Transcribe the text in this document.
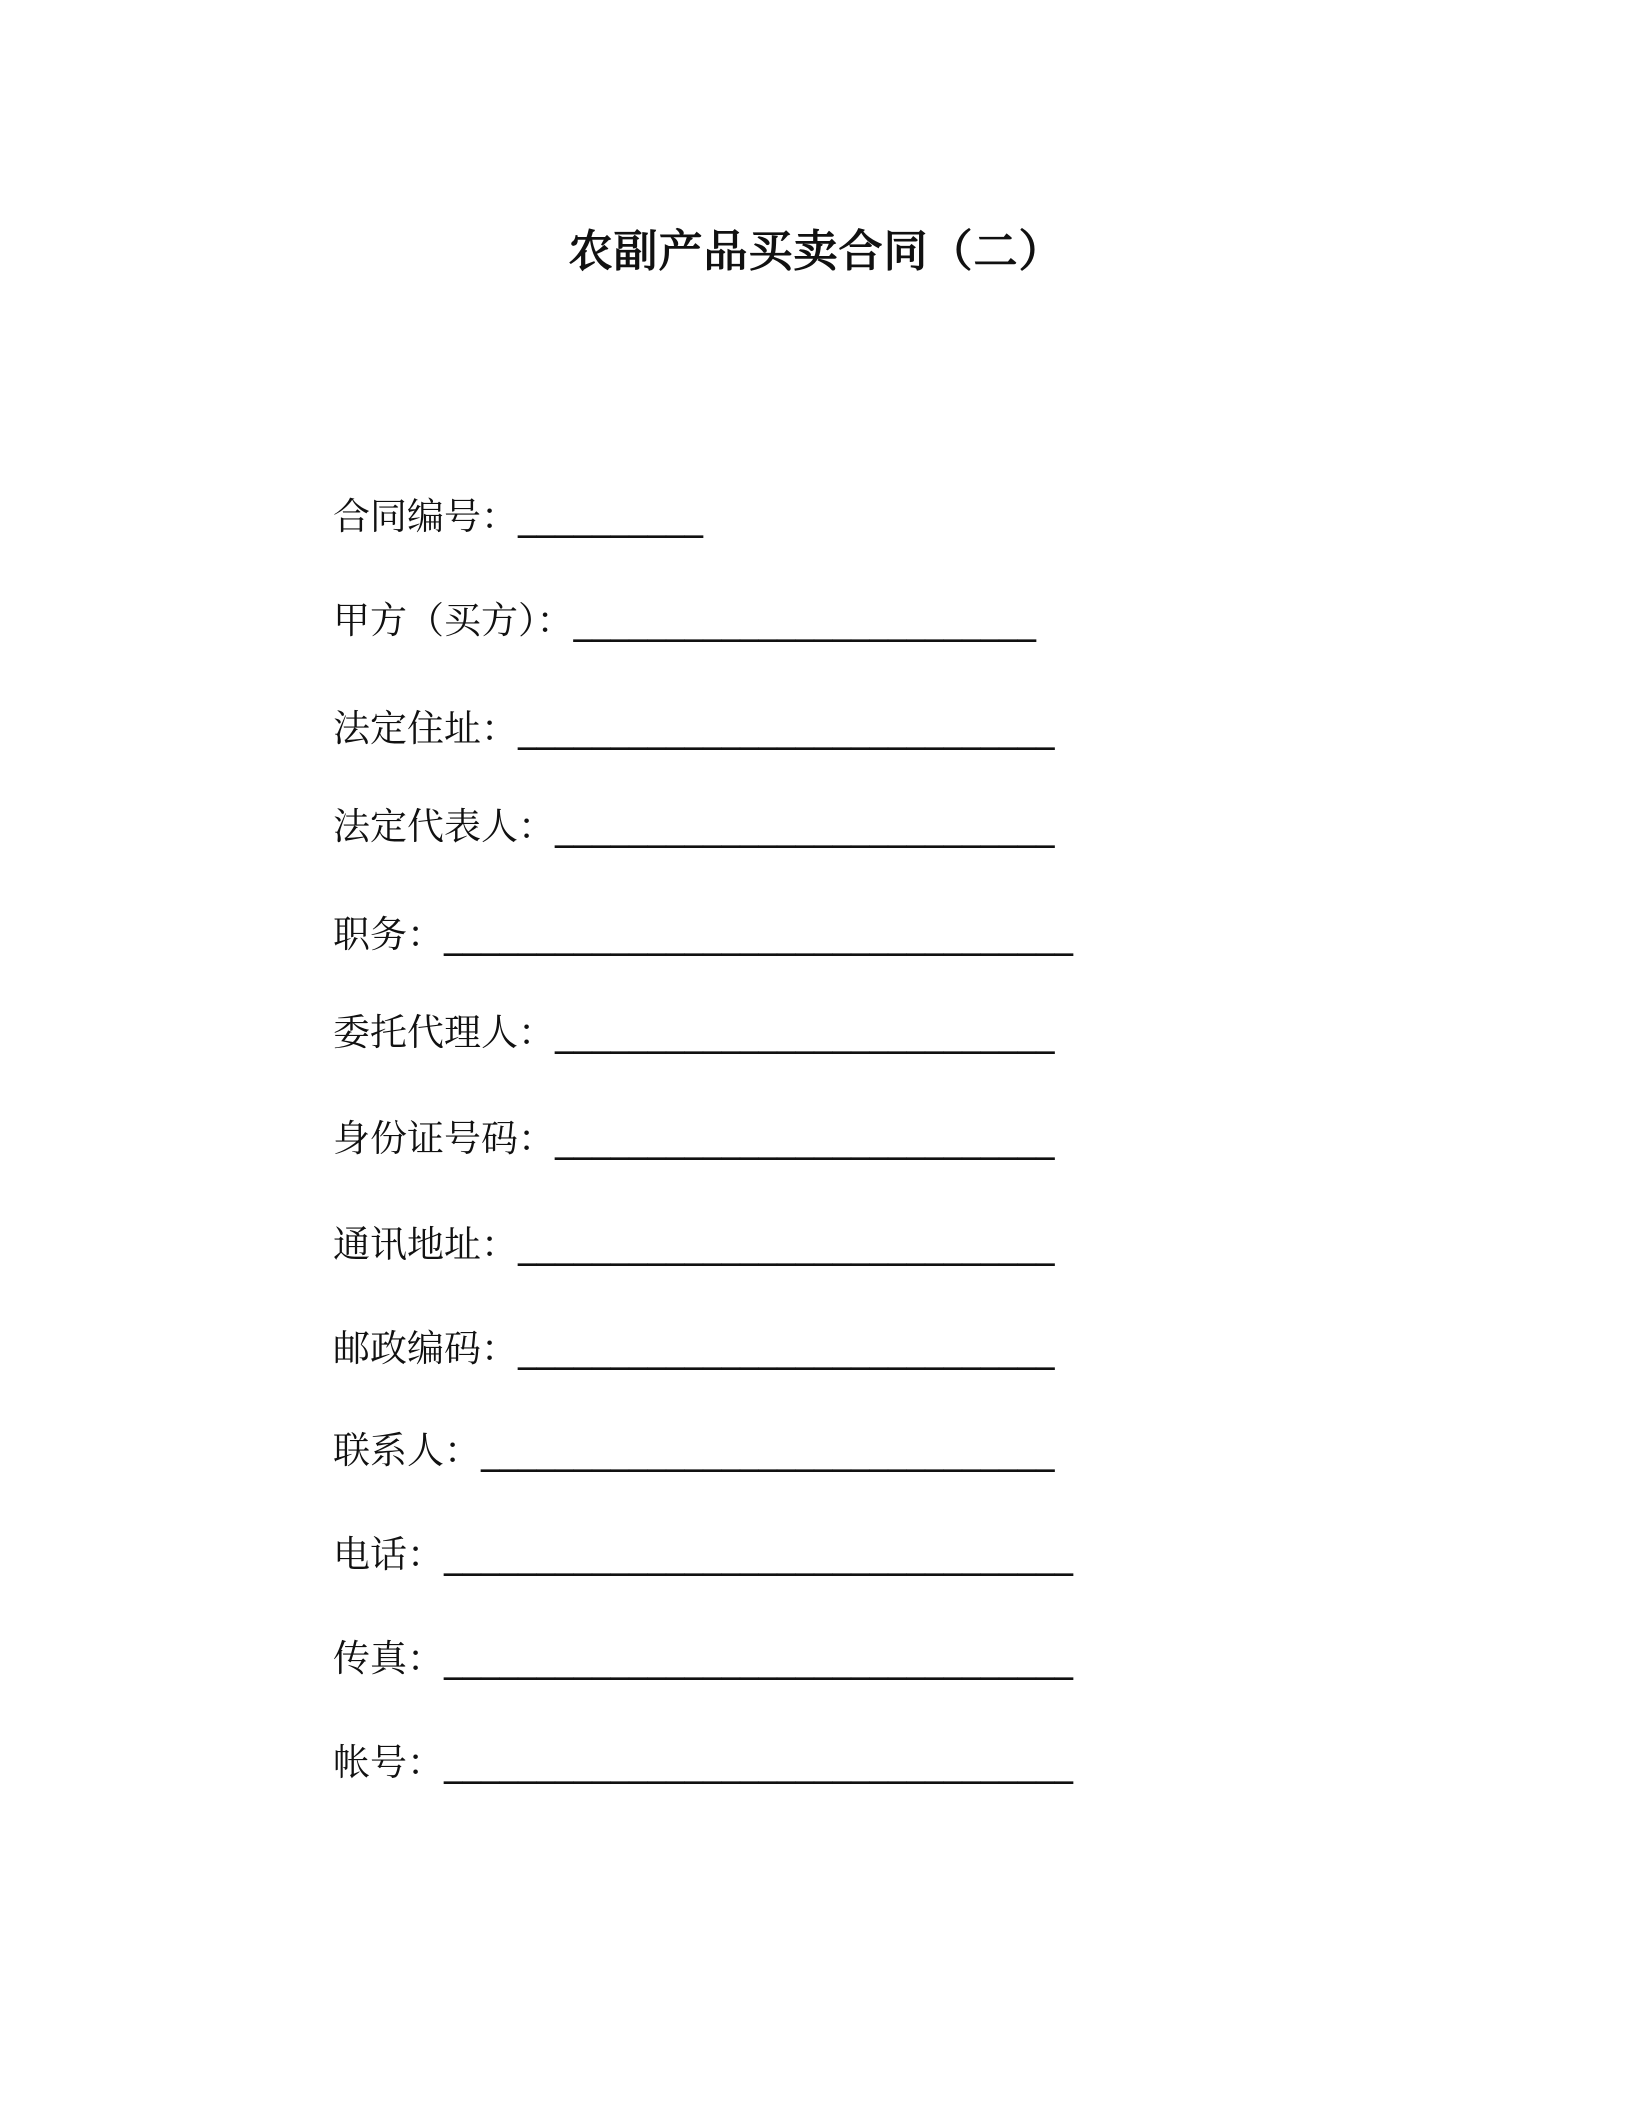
农副产品买卖合同（二）
合同编号：__________
甲方（买方）：_________________________
法定住址：_____________________________
法定代表人：___________________________
职务：__________________________________
委托代理人：___________________________
身份证号码：___________________________
通讯地址：_____________________________
邮政编码：_____________________________
联系人：_______________________________
电话：__________________________________
传真：__________________________________
帐号：__________________________________
